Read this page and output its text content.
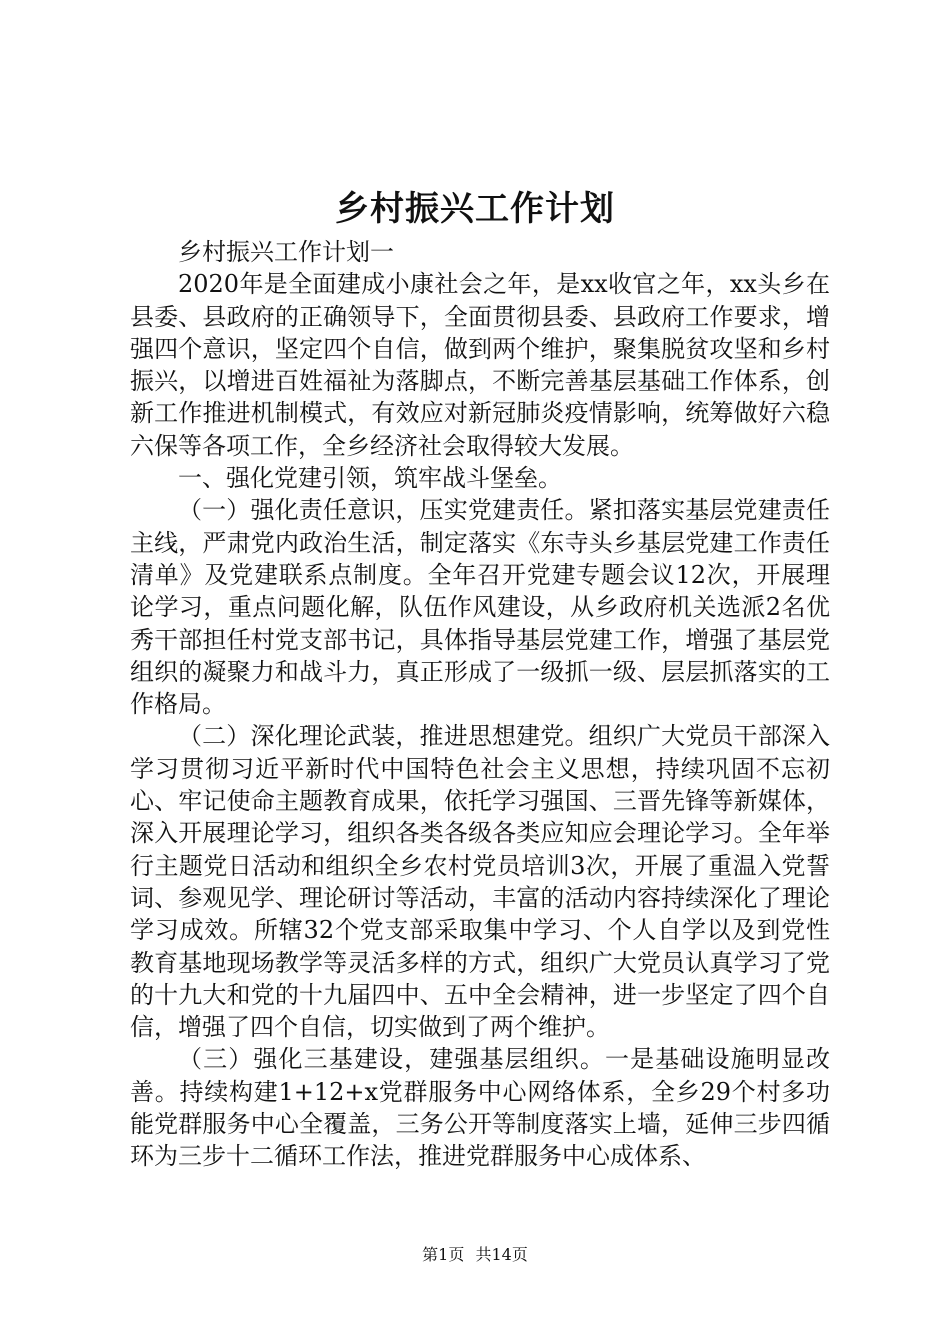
乡村振兴工作计划

乡村振兴工作计划一

2020年是全面建成小康社会之年，是xx收官之年，xx头乡在县委、县政府的正确领导下，全面贯彻县委、县政府工作要求，增强四个意识，坚定四个自信，做到两个维护，聚集脱贫攻坚和乡村振兴，以增进百姓福祉为落脚点，不断完善基层基础工作体系，创新工作推进机制模式，有效应对新冠肺炎疫情影响，统筹做好六稳六保等各项工作，全乡经济社会取得较大发展。

一、强化党建引领，筑牢战斗堡垒。

（一）强化责任意识，压实党建责任。紧扣落实基层党建责任主线，严肃党内政治生活，制定落实《东寺头乡基层党建工作责任清单》及党建联系点制度。全年召开党建专题会议12次，开展理论学习，重点问题化解，队伍作风建设，从乡政府机关选派2名优秀干部担任村党支部书记，具体指导基层党建工作，增强了基层党组织的凝聚力和战斗力，真正形成了一级抓一级、层层抓落实的工作格局。

（二）深化理论武装，推进思想建党。组织广大党员干部深入学习贯彻习近平新时代中国特色社会主义思想，持续巩固不忘初心、牢记使命主题教育成果，依托学习强国、三晋先锋等新媒体，深入开展理论学习，组织各类各级各类应知应会理论学习。全年举行主题党日活动和组织全乡农村党员培训3次，开展了重温入党誓词、参观见学、理论研讨等活动，丰富的活动内容持续深化了理论学习成效。所辖32个党支部采取集中学习、个人自学以及到党性教育基地现场教学等灵活多样的方式，组织广大党员认真学习了党的十九大和党的十九届四中、五中全会精神，进一步坚定了四个自信，增强了四个自信，切实做到了两个维护。

（三）强化三基建设，建强基层组织。一是基础设施明显改善。持续构建1+12+x党群服务中心网络体系，全乡29个村多功能党群服务中心全覆盖，三务公开等制度落实上墙，延伸三步四循环为三步十二循环工作法，推进党群服务中心成体系、

第1页 共14页
